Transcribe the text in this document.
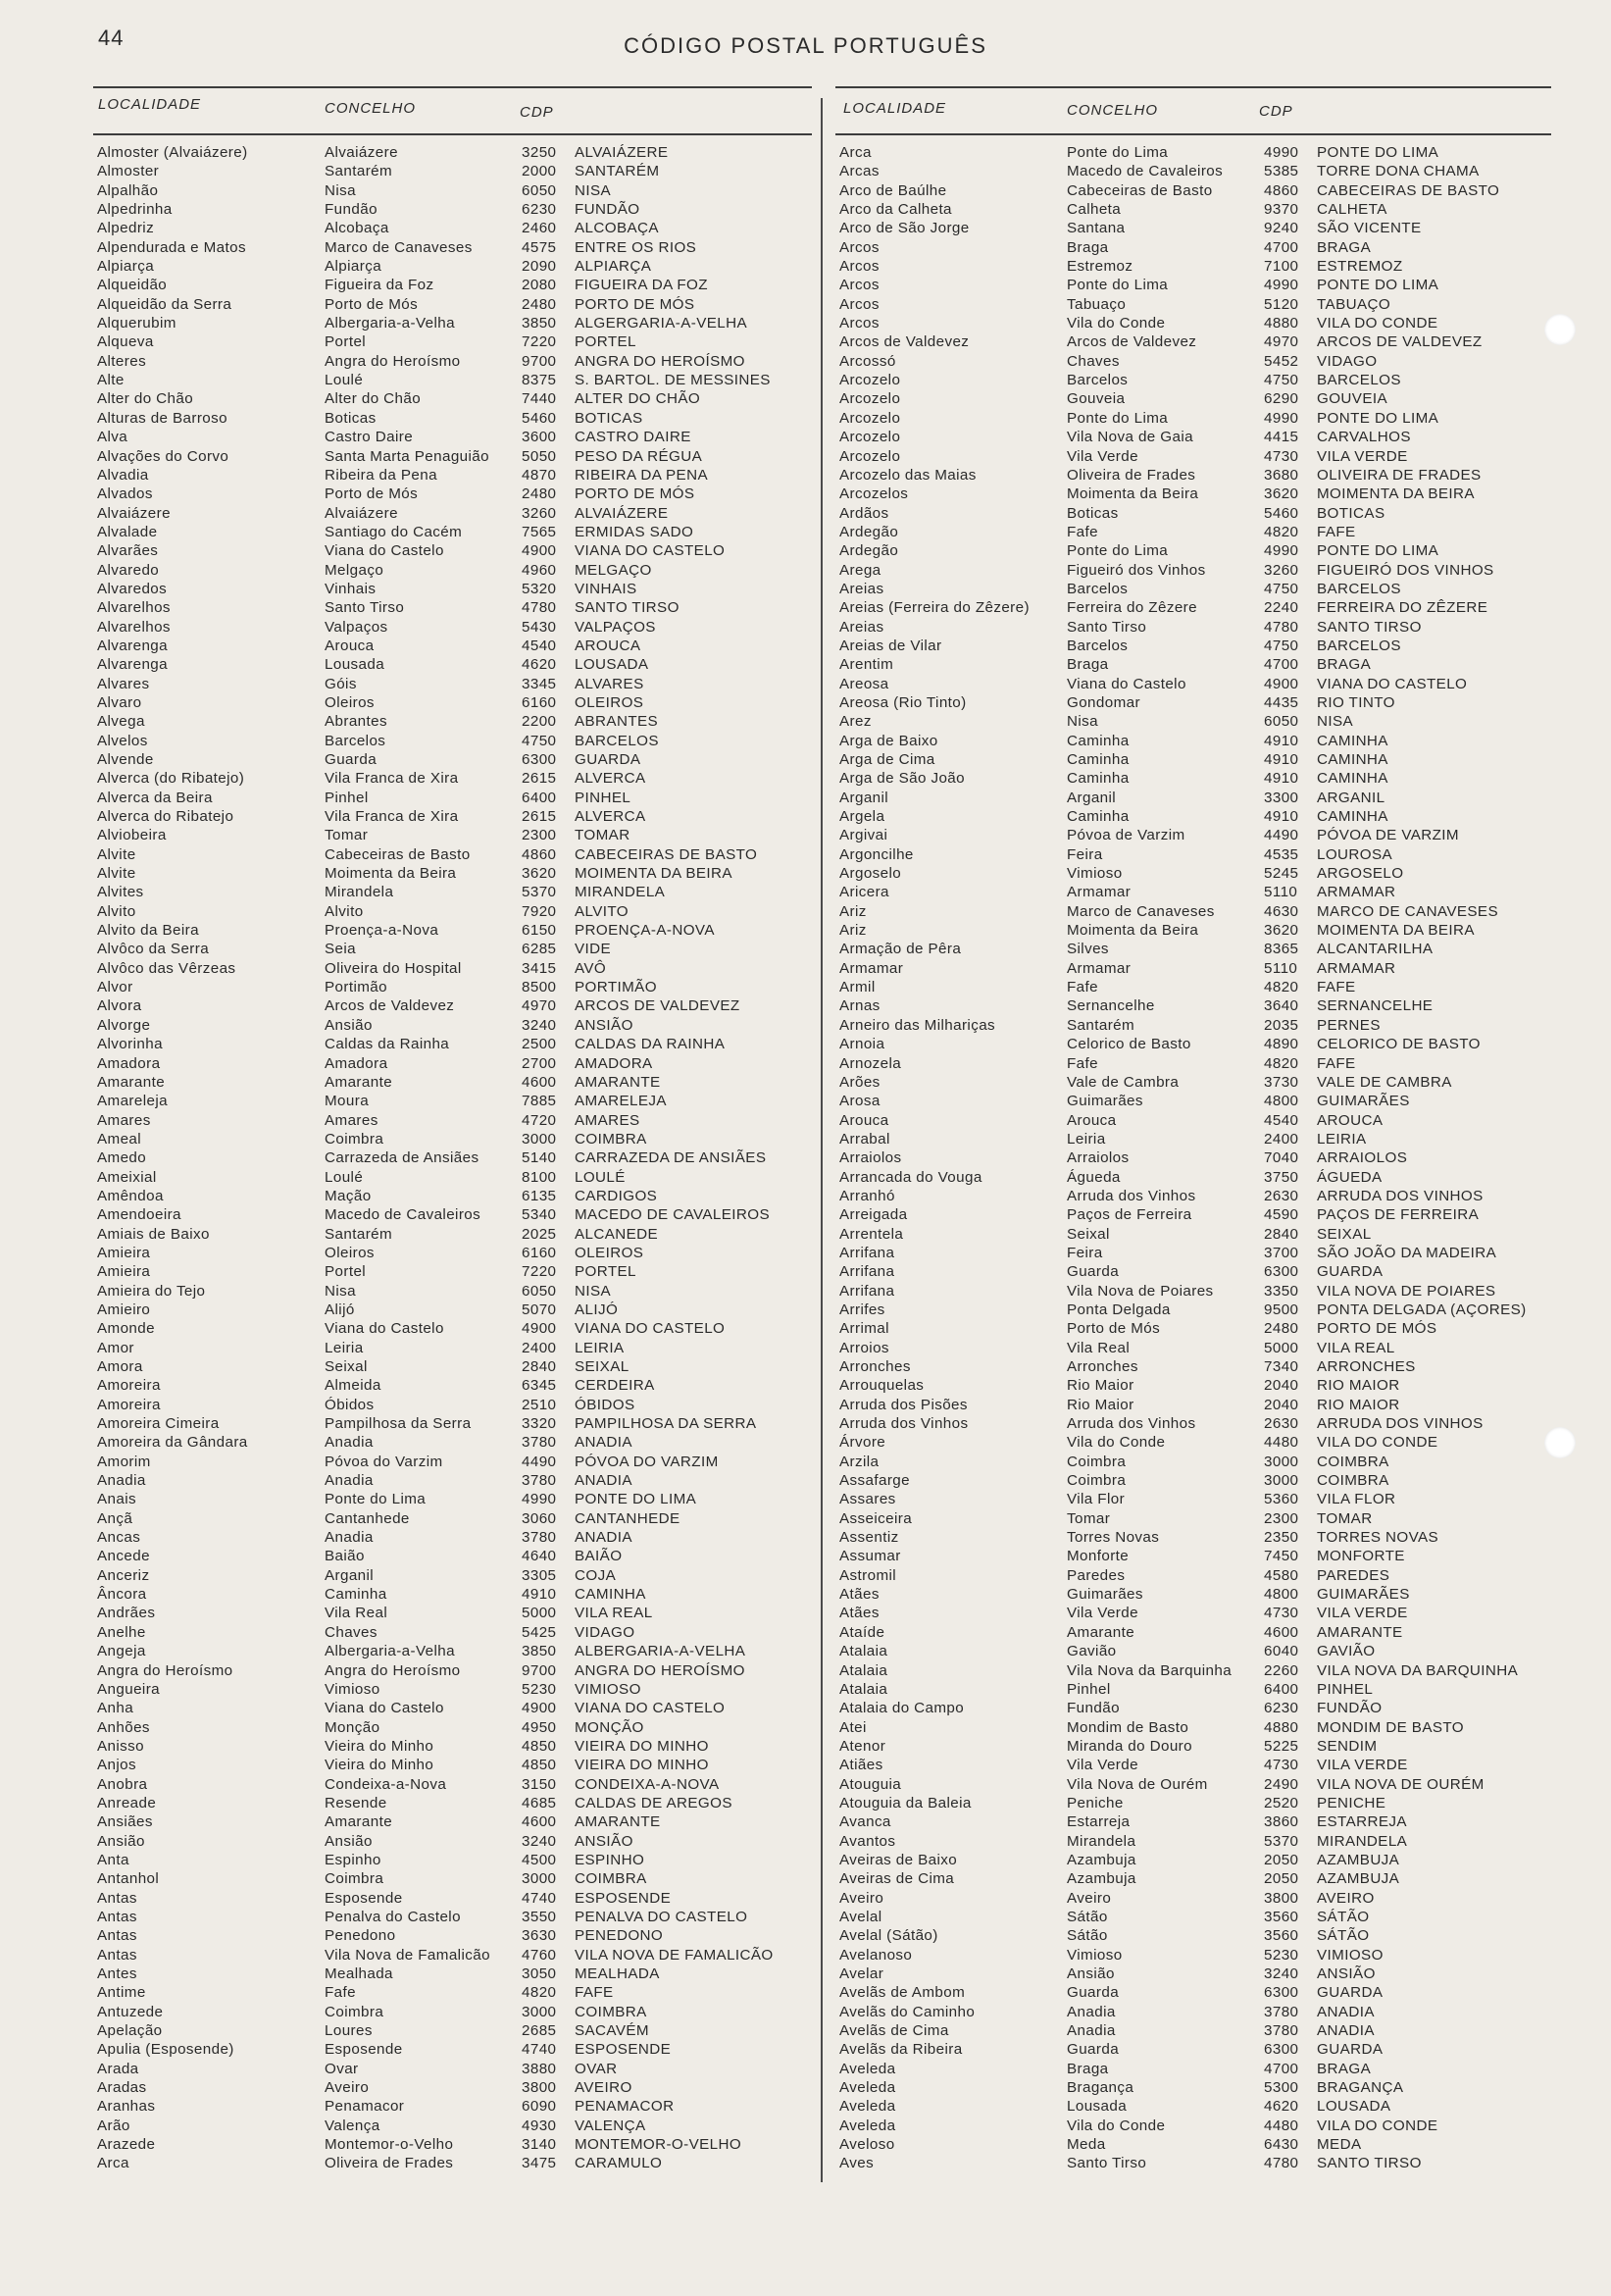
44	CÓDIGO POSTAL PORTUGUÊS
LOCALIDADE	CONCELHO	CDP
Almoster (Alvaiázere)	Alvaiázere	3250 ALVAIÁZERE
Almoster	Santarém	2000 SANTARÉM
Alpalhão	Nisa	6050 NISA
Alpedrinha	Fundão	6230 FUNDÃO
Alpedriz	Alcobaça	2460 ALCOBAÇA
Alpendurada e Matos	Marco de Canaveses	4575 ENTRE OS RIOS
Alpiarça	Alpiarça	2090 ALPIARÇA
Alqueidão	Figueira da Foz	2080 FIGUEIRA DA FOZ
Alqueidão da Serra	Porto de Mós	2480 PORTO DE MÓS
Alquerubim	Albergaria-a-Velha	3850 ALGERGARIA-A-VELHA
Alqueva	Portel	7220 PORTEL
Alteres	Angra do Heroísmo	9700 ANGRA DO HEROÍSMO
Alte	Loulé	8375 S. BARTOL. DE MESSINES
Alter do Chão	Alter do Chão	7440 ALTER DO CHÃO
Alturas de Barroso	Boticas	5460 BOTICAS
Alva	Castro Daire	3600 CASTRO DAIRE
Alvações do Corvo	Santa Marta Penaguião	5050 PESO DA RÉGUA
Alvadia	Ribeira da Pena	4870 RIBEIRA DA PENA
Alvados	Porto de Mós	2480 PORTO DE MÓS
Alvaiázere	Alvaiázere	3260 ALVAIÁZERE
Alvalade	Santiago do Cacém	7565 ERMIDAS SADO
Alvarães	Viana do Castelo	4900 VIANA DO CASTELO
Alvaredo	Melgaço	4960 MELGAÇO
Alvaredos	Vinhais	5320 VINHAIS
Alvarelhos	Santo Tirso	4780 SANTO TIRSO
Alvarelhos	Valpaços	5430 VALPAÇOS
Alvarenga	Arouca	4540 AROUCA
Alvarenga	Lousada	4620 LOUSADA
Alvares	Góis	3345 ALVARES
Alvaro	Oleiros	6160 OLEIROS
Alvega	Abrantes	2200 ABRANTES
Alvelos	Barcelos	4750 BARCELOS
Alvende	Guarda	6300 GUARDA
Alverca (do Ribatejo)	Vila Franca de Xira	2615 ALVERCA
Alverca da Beira	Pinhel	6400 PINHEL
Alverca do Ribatejo	Vila Franca de Xira	2615 ALVERCA
Alviobeira	Tomar	2300 TOMAR
Alvite	Cabeceiras de Basto	4860 CABECEIRAS DE BASTO
Alvite	Moimenta da Beira	3620 MOIMENTA DA BEIRA
Alvites	Mirandela	5370 MIRANDELA
Alvito	Alvito	7920 ALVITO
Alvito da Beira	Proença-a-Nova	6150 PROENÇA-A-NOVA
Alvôco da Serra	Seia	6285 VIDE
Alvôco das Vêrzeas	Oliveira do Hospital	3415 AVÔ
Alvor	Portimão	8500 PORTIMÃO
Alvora	Arcos de Valdevez	4970 ARCOS DE VALDEVEZ
Alvorge	Ansião	3240 ANSIÃO
Alvorinha	Caldas da Rainha	2500 CALDAS DA RAINHA
Amadora	Amadora	2700 AMADORA
Amarante	Amarante	4600 AMARANTE
Amareleja	Moura	7885 AMARELEJA
Amares	Amares	4720 AMARES
Ameal	Coimbra	3000 COIMBRA
Amedo	Carrazeda de Ansiães	5140 CARRAZEDA DE ANSIÃES
Ameixial	Loulé	8100 LOULÉ
Amêndoa	Mação	6135 CARDIGOS
Amendoeira	Macedo de Cavaleiros	5340 MACEDO DE CAVALEIROS
Amiais de Baixo	Santarém	2025 ALCANEDE
Amieira	Oleiros	6160 OLEIROS
Amieira	Portel	7220 PORTEL
Amieira do Tejo	Nisa	6050 NISA
Amieiro	Alijó	5070 ALIJÓ
Amonde	Viana do Castelo	4900 VIANA DO CASTELO
Amor	Leiria	2400 LEIRIA
Amora	Seixal	2840 SEIXAL
Amoreira	Almeida	6345 CERDEIRA
Amoreira	Óbidos	2510 ÓBIDOS
Amoreira Cimeira	Pampilhosa da Serra	3320 PAMPILHOSA DA SERRA
Amoreira da Gândara	Anadia	3780 ANADIA
Amorim	Póvoa do Varzim	4490 PÓVOA DO VARZIM
Anadia	Anadia	3780 ANADIA
Anais	Ponte do Lima	4990 PONTE DO LIMA
Ançã	Cantanhede	3060 CANTANHEDE
Ancas	Anadia	3780 ANADIA
Ancede	Baião	4640 BAIÃO
Anceriz	Arganil	3305 COJA
Âncora	Caminha	4910 CAMINHA
Andrães	Vila Real	5000 VILA REAL
Anelhe	Chaves	5425 VIDAGO
Angeja	Albergaria-a-Velha	3850 ALBERGARIA-A-VELHA
Angra do Heroísmo	Angra do Heroísmo	9700 ANGRA DO HEROÍSMO
Angueira	Vimioso	5230 VIMIOSO
Anha	Viana do Castelo	4900 VIANA DO CASTELO
Anhões	Monção	4950 MONÇÃO
Anisso	Vieira do Minho	4850 VIEIRA DO MINHO
Anjos	Vieira do Minho	4850 VIEIRA DO MINHO
Anobra	Condeixa-a-Nova	3150 CONDEIXA-A-NOVA
Anreade	Resende	4685 CALDAS DE AREGOS
Ansiães	Amarante	4600 AMARANTE
Ansião	Ansião	3240 ANSIÃO
Anta	Espinho	4500 ESPINHO
Antanhol	Coimbra	3000 COIMBRA
Antas	Esposende	4740 ESPOSENDE
Antas	Penalva do Castelo	3550 PENALVA DO CASTELO
Antas	Penedono	3630 PENEDONO
Antas	Vila Nova de Famalicão	4760 VILA NOVA DE FAMALICÃO
Antes	Mealhada	3050 MEALHADA
Antime	Fafe	4820 FAFE
Antuzede	Coimbra	3000 COIMBRA
Apelação	Loures	2685 SACAVÉM
Apulia (Esposende)	Esposende	4740 ESPOSENDE
Arada	Ovar	3880 OVAR
Aradas	Aveiro	3800 AVEIRO
Aranhas	Penamacor	6090 PENAMACOR
Arão	Valença	4930 VALENÇA
Arazede	Montemor-o-Velho	3140 MONTEMOR-O-VELHO
Arca	Oliveira de Frades	3475 CARAMULO
LOCALIDADE	CONCELHO	CDP
Arca	Ponte do Lima	4990 PONTE DO LIMA
Arcas	Macedo de Cavaleiros	5385 TORRE DONA CHAMA
Arco de Baúlhe	Cabeceiras de Basto	4860 CABECEIRAS DE BASTO
Arco da Calheta	Calheta	9370 CALHETA
Arco de São Jorge	Santana	9240 SÃO VICENTE
Arcos	Braga	4700 BRAGA
Arcos	Estremoz	7100 ESTREMOZ
Arcos	Ponte do Lima	4990 PONTE DO LIMA
Arcos	Tabuaço	5120 TABUAÇO
Arcos	Vila do Conde	4880 VILA DO CONDE
Arcos de Valdevez	Arcos de Valdevez	4970 ARCOS DE VALDEVEZ
Arcossó	Chaves	5452 VIDAGO
Arcozelo	Barcelos	4750 BARCELOS
Arcozelo	Gouveia	6290 GOUVEIA
Arcozelo	Ponte do Lima	4990 PONTE DO LIMA
Arcozelo	Vila Nova de Gaia	4415 CARVALHOS
Arcozelo	Vila Verde	4730 VILA VERDE
Arcozelo das Maias	Oliveira de Frades	3680 OLIVEIRA DE FRADES
Arcozelos	Moimenta da Beira	3620 MOIMENTA DA BEIRA
Ardãos	Boticas	5460 BOTICAS
Ardegão	Fafe	4820 FAFE
Ardegão	Ponte do Lima	4990 PONTE DO LIMA
Arega	Figueiró dos Vinhos	3260 FIGUEIRÓ DOS VINHOS
Areias	Barcelos	4750 BARCELOS
Areias (Ferreira do Zêzere)	Ferreira do Zêzere	2240 FERREIRA DO ZÊZERE
Areias	Santo Tirso	4780 SANTO TIRSO
Areias de Vilar	Barcelos	4750 BARCELOS
Arentim	Braga	4700 BRAGA
Areosa	Viana do Castelo	4900 VIANA DO CASTELO
Areosa (Rio Tinto)	Gondomar	4435 RIO TINTO
Arez	Nisa	6050 NISA
Arga de Baixo	Caminha	4910 CAMINHA
Arga de Cima	Caminha	4910 CAMINHA
Arga de São João	Caminha	4910 CAMINHA
Arganil	Arganil	3300 ARGANIL
Argela	Caminha	4910 CAMINHA
Argivai	Póvoa de Varzim	4490 PÓVOA DE VARZIM
Argoncilhe	Feira	4535 LOUROSA
Argoselo	Vimioso	5245 ARGOSELO
Aricera	Armamar	5110 ARMAMAR
Ariz	Marco de Canaveses	4630 MARCO DE CANAVESES
Ariz	Moimenta da Beira	3620 MOIMENTA DA BEIRA
Armação de Pêra	Silves	8365 ALCANTARILHA
Armamar	Armamar	5110 ARMAMAR
Armil	Fafe	4820 FAFE
Arnas	Sernancelhe	3640 SERNANCELHE
Arneiro das Milhariças	Santarém	2035 PERNES
Arnoia	Celorico de Basto	4890 CELORICO DE BASTO
Arnozela	Fafe	4820 FAFE
Arões	Vale de Cambra	3730 VALE DE CAMBRA
Arosa	Guimarães	4800 GUIMARÃES
Arouca	Arouca	4540 AROUCA
Arrabal	Leiria	2400 LEIRIA
Arraiolos	Arraiolos	7040 ARRAIOLOS
Arrancada do Vouga	Águeda	3750 ÁGUEDA
Arranhó	Arruda dos Vinhos	2630 ARRUDA DOS VINHOS
Arreigada	Paços de Ferreira	4590 PAÇOS DE FERREIRA
Arrentela	Seixal	2840 SEIXAL
Arrifana	Feira	3700 SÃO JOÃO DA MADEIRA
Arrifana	Guarda	6300 GUARDA
Arrifana	Vila Nova de Poiares	3350 VILA NOVA DE POIARES
Arrifes	Ponta Delgada	9500 PONTA DELGADA (AÇORES)
Arrimal	Porto de Mós	2480 PORTO DE MÓS
Arroios	Vila Real	5000 VILA REAL
Arronches	Arronches	7340 ARRONCHES
Arrouquelas	Rio Maior	2040 RIO MAIOR
Arruda dos Pisões	Rio Maior	2040 RIO MAIOR
Arruda dos Vinhos	Arruda dos Vinhos	2630 ARRUDA DOS VINHOS
Árvore	Vila do Conde	4480 VILA DO CONDE
Arzila	Coimbra	3000 COIMBRA
Assafarge	Coimbra	3000 COIMBRA
Assares	Vila Flor	5360 VILA FLOR
Asseiceira	Tomar	2300 TOMAR
Assentiz	Torres Novas	2350 TORRES NOVAS
Assumar	Monforte	7450 MONFORTE
Astromil	Paredes	4580 PAREDES
Atães	Guimarães	4800 GUIMARÃES
Atães	Vila Verde	4730 VILA VERDE
Ataíde	Amarante	4600 AMARANTE
Atalaia	Gavião	6040 GAVIÃO
Atalaia	Vila Nova da Barquinha	2260 VILA NOVA DA BARQUINHA
Atalaia	Pinhel	6400 PINHEL
Atalaia do Campo	Fundão	6230 FUNDÃO
Atei	Mondim de Basto	4880 MONDIM DE BASTO
Atenor	Miranda do Douro	5225 SENDIM
Atiães	Vila Verde	4730 VILA VERDE
Atouguia	Vila Nova de Ourém	2490 VILA NOVA DE OURÉM
Atouguia da Baleia	Peniche	2520 PENICHE
Avanca	Estarreja	3860 ESTARREJA
Avantos	Mirandela	5370 MIRANDELA
Aveiras de Baixo	Azambuja	2050 AZAMBUJA
Aveiras de Cima	Azambuja	2050 AZAMBUJA
Aveiro	Aveiro	3800 AVEIRO
Avelal	Sátão	3560 SÁTÃO
Avelal (Sátão)	Sátão	3560 SÁTÃO
Avelanoso	Vimioso	5230 VIMIOSO
Avelar	Ansião	3240 ANSIÃO
Avelãs de Ambom	Guarda	6300 GUARDA
Avelãs do Caminho	Anadia	3780 ANADIA
Avelãs de Cima	Anadia	3780 ANADIA
Avelãs da Ribeira	Guarda	6300 GUARDA
Aveleda	Braga	4700 BRAGA
Aveleda	Bragança	5300 BRAGANÇA
Aveleda	Lousada	4620 LOUSADA
Aveleda	Vila do Conde	4480 VILA DO CONDE
Aveloso	Meda	6430 MEDA
Aves	Santo Tirso	4780 SANTO TIRSO
